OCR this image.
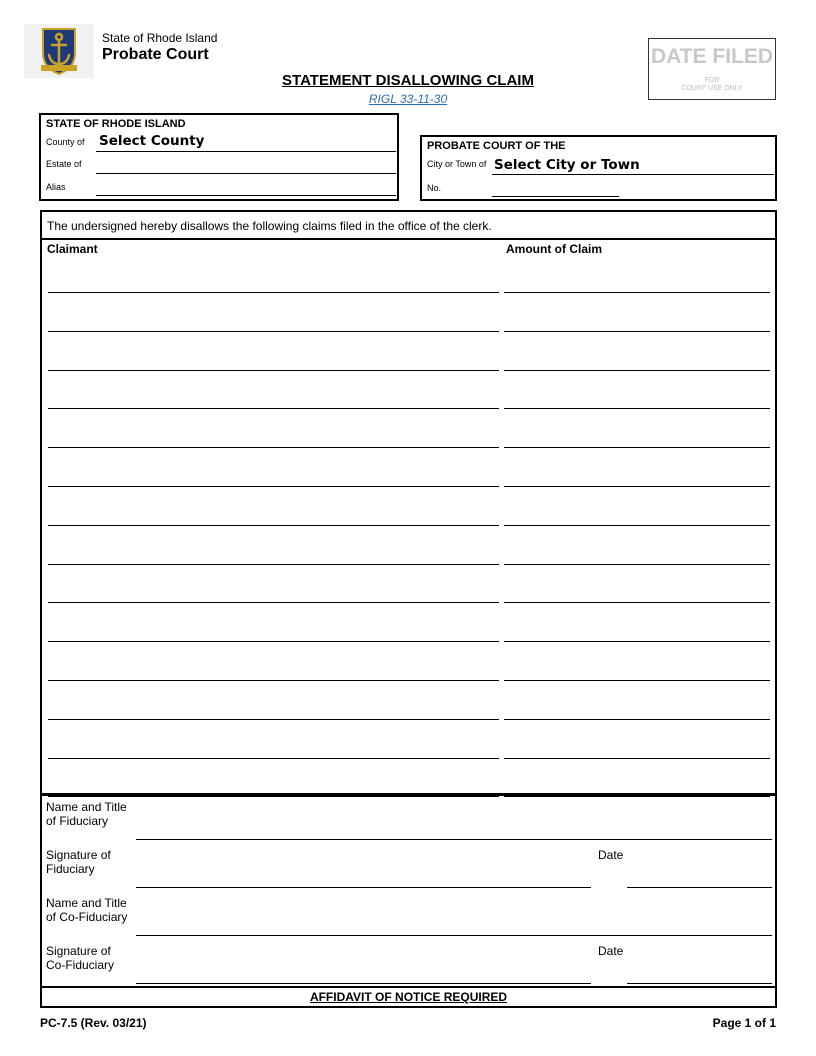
State of Rhode Island
Probate Court
STATEMENT DISALLOWING CLAIM
RIGL 33-11-30
DATE FILED
FOR
COURT USE ONLY
STATE OF RHODE ISLAND
County of Select County
Estate of
Alias
PROBATE COURT OF THE
City or Town of Select City or Town
No.
The undersigned hereby disallows the following claims filed in the office of the clerk.
Claimant	Amount of Claim
Name and Title
of Fiduciary
Signature of
Fiduciary
Date
Name and Title
of Co-Fiduciary
Signature of
Co-Fiduciary
Date
AFFIDAVIT OF NOTICE REQUIRED
PC-7.5 (Rev. 03/21)	Page 1 of 1
